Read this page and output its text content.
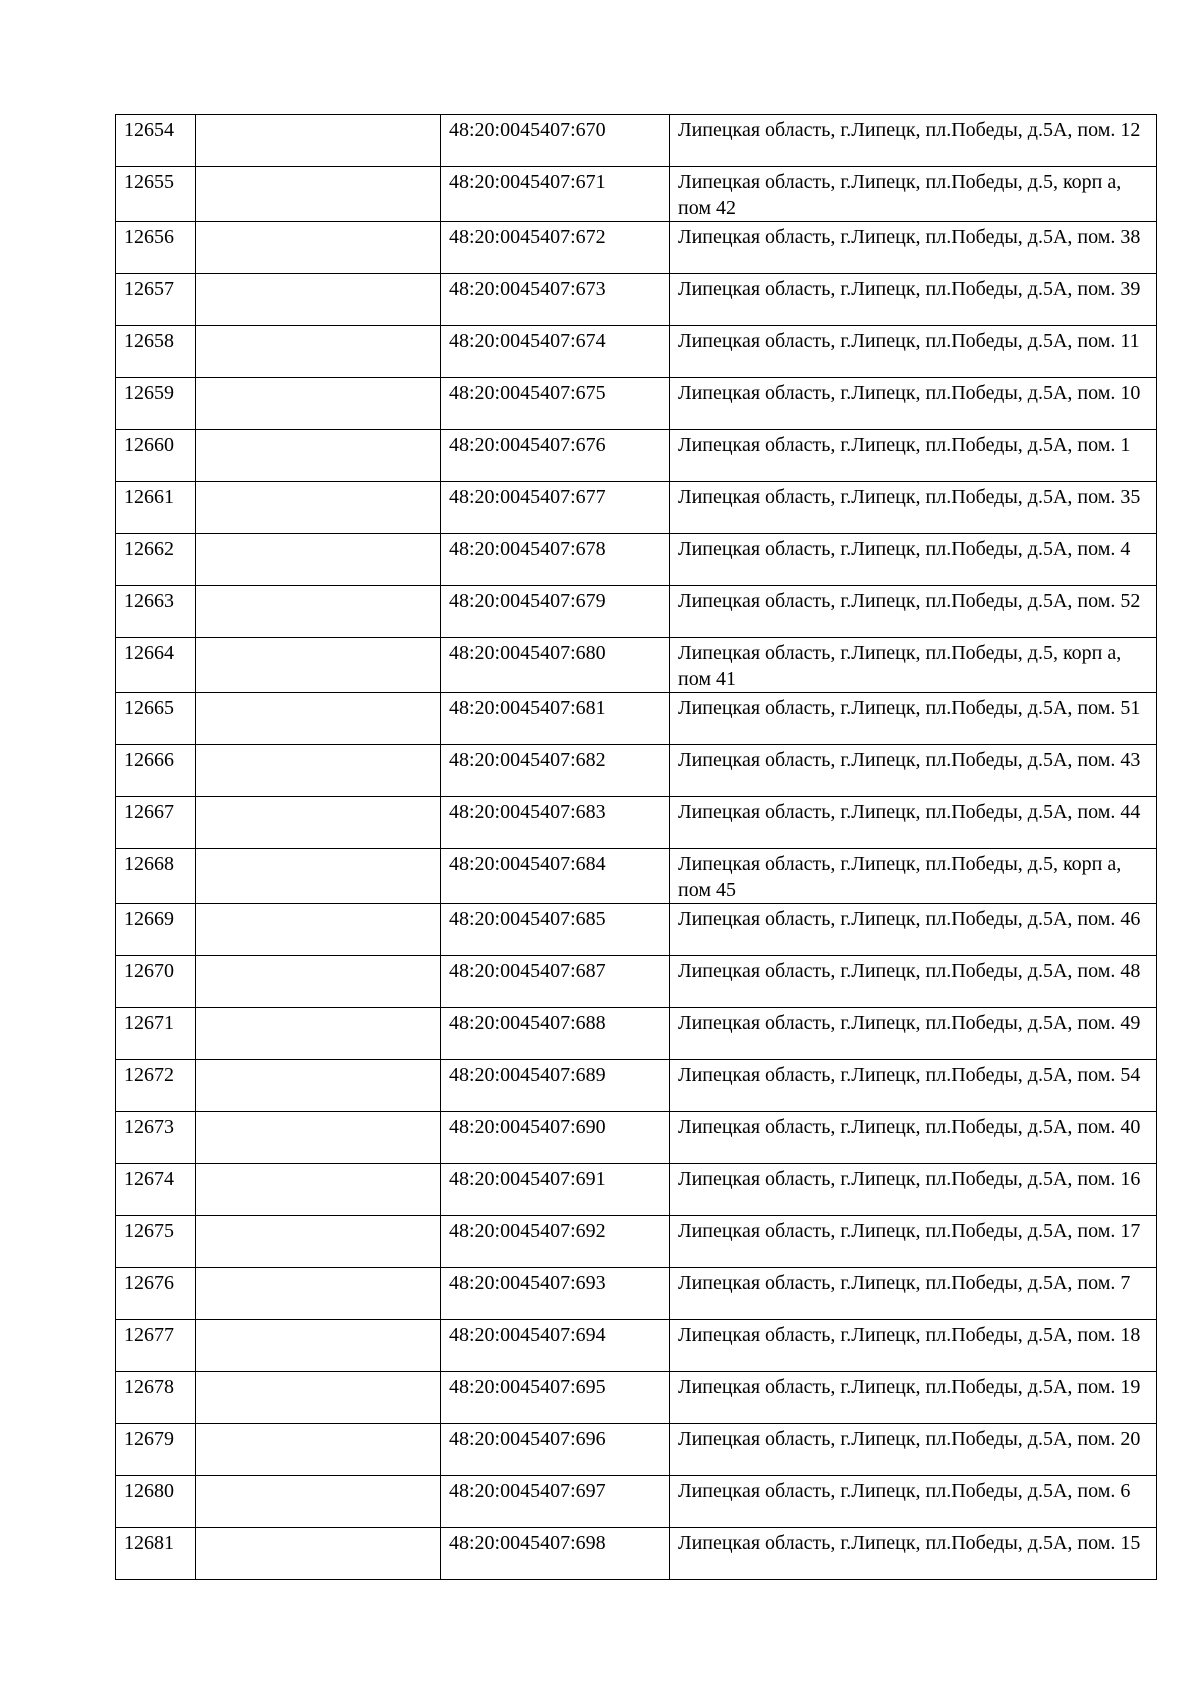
12654		48:20:0045407:670	Липецкая область, г.Липецк, пл.Победы, д.5А, пом. 12
12655		48:20:0045407:671	Липецкая область, г.Липецк, пл.Победы, д.5, корп а, пом 42
12656		48:20:0045407:672	Липецкая область, г.Липецк, пл.Победы, д.5А, пом. 38
12657		48:20:0045407:673	Липецкая область, г.Липецк, пл.Победы, д.5А, пом. 39
12658		48:20:0045407:674	Липецкая область, г.Липецк, пл.Победы, д.5А, пом. 11
12659		48:20:0045407:675	Липецкая область, г.Липецк, пл.Победы, д.5А, пом. 10
12660		48:20:0045407:676	Липецкая область, г.Липецк, пл.Победы, д.5А, пом. 1
12661		48:20:0045407:677	Липецкая область, г.Липецк, пл.Победы, д.5А, пом. 35
12662		48:20:0045407:678	Липецкая область, г.Липецк, пл.Победы, д.5А, пом. 4
12663		48:20:0045407:679	Липецкая область, г.Липецк, пл.Победы, д.5А, пом. 52
12664		48:20:0045407:680	Липецкая область, г.Липецк, пл.Победы, д.5, корп а, пом 41
12665		48:20:0045407:681	Липецкая область, г.Липецк, пл.Победы, д.5А, пом. 51
12666		48:20:0045407:682	Липецкая область, г.Липецк, пл.Победы, д.5А, пом. 43
12667		48:20:0045407:683	Липецкая область, г.Липецк, пл.Победы, д.5А, пом. 44
12668		48:20:0045407:684	Липецкая область, г.Липецк, пл.Победы, д.5, корп а, пом 45
12669		48:20:0045407:685	Липецкая область, г.Липецк, пл.Победы, д.5А, пом. 46
12670		48:20:0045407:687	Липецкая область, г.Липецк, пл.Победы, д.5А, пом. 48
12671		48:20:0045407:688	Липецкая область, г.Липецк, пл.Победы, д.5А, пом. 49
12672		48:20:0045407:689	Липецкая область, г.Липецк, пл.Победы, д.5А, пом. 54
12673		48:20:0045407:690	Липецкая область, г.Липецк, пл.Победы, д.5А, пом. 40
12674		48:20:0045407:691	Липецкая область, г.Липецк, пл.Победы, д.5А, пом. 16
12675		48:20:0045407:692	Липецкая область, г.Липецк, пл.Победы, д.5А, пом. 17
12676		48:20:0045407:693	Липецкая область, г.Липецк, пл.Победы, д.5А, пом. 7
12677		48:20:0045407:694	Липецкая область, г.Липецк, пл.Победы, д.5А, пом. 18
12678		48:20:0045407:695	Липецкая область, г.Липецк, пл.Победы, д.5А, пом. 19
12679		48:20:0045407:696	Липецкая область, г.Липецк, пл.Победы, д.5А, пом. 20
12680		48:20:0045407:697	Липецкая область, г.Липецк, пл.Победы, д.5А, пом. 6
12681		48:20:0045407:698	Липецкая область, г.Липецк, пл.Победы, д.5А, пом. 15
